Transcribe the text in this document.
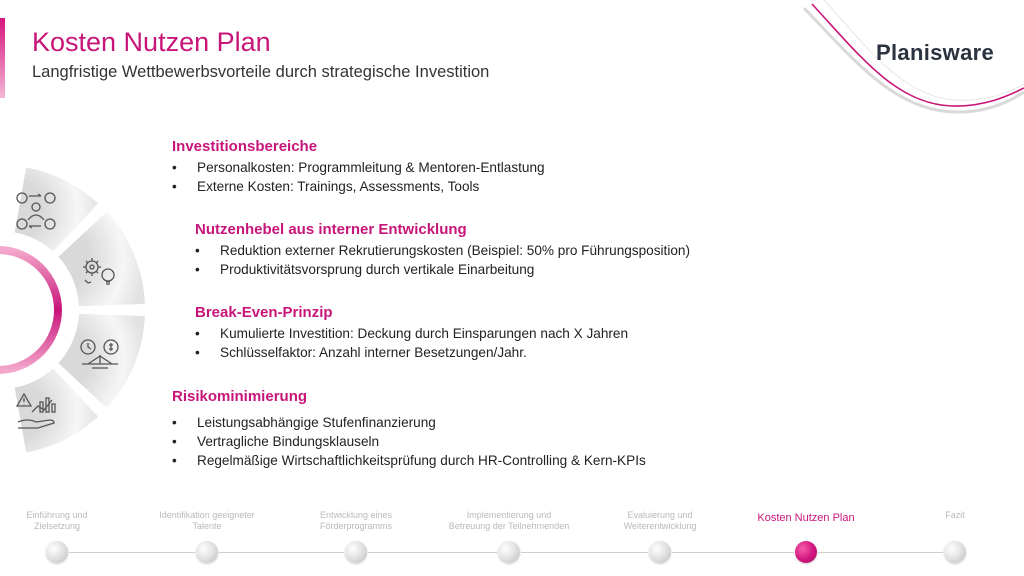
Kosten Nutzen Plan
Langfristige Wettbewerbsvorteile durch strategische Investition
Planisware
Investitionsbereiche
• Personalkosten: Programmleitung & Mentoren-Entlastung
• Externe Kosten: Trainings, Assessments, Tools
Nutzenhebel aus interner Entwicklung
• Reduktion externer Rekrutierungskosten (Beispiel: 50% pro Führungsposition)
• Produktivitätsvorsprung durch vertikale Einarbeitung
Break-Even-Prinzip
• Kumulierte Investition: Deckung durch Einsparungen nach X Jahren
• Schlüsselfaktor: Anzahl interner Besetzungen/Jahr.
Risikominimierung
• Leistungsabhängige Stufenfinanzierung
• Vertragliche Bindungsklauseln
• Regelmäßige Wirtschaftlichkeitsprüfung durch HR-Controlling & Kern-KPIs
Einführung und
Zielsetzung
Identifikation geeigneter
Talente
Entwicklung eines
Förderprogramms
Implementierung und
Betreuung der Teilnehmenden
Evaluierung und
Weiterentwicklung
Kosten Nutzen Plan	Fazit
